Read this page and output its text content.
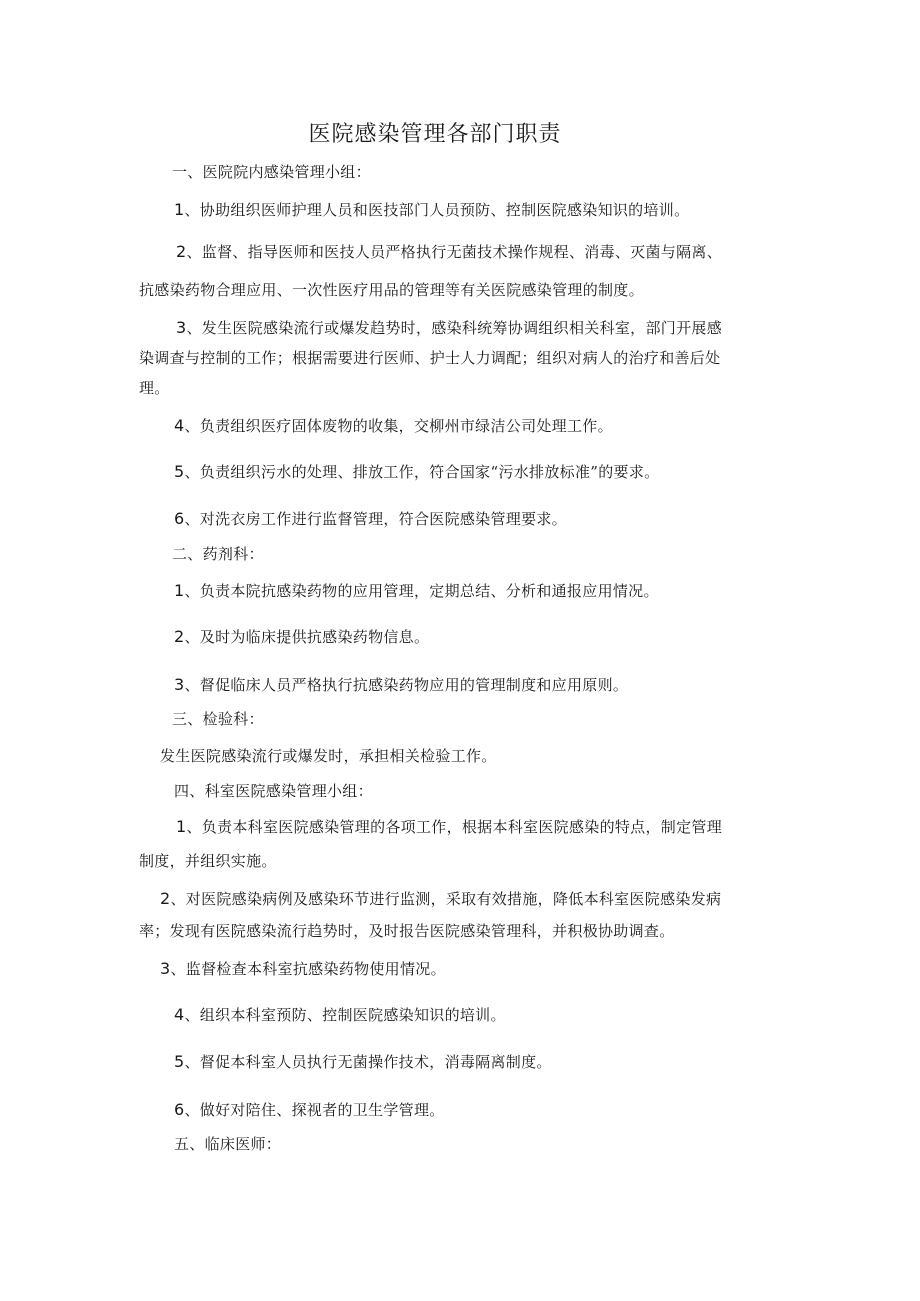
医院感染管理各部门职责
一、医院院内感染管理小组：
1、协助组织医师护理人员和医技部门人员预防、控制医院感染知识的培训。
2、监督、指导医师和医技人员严格执行无菌技术操作规程、消毒、灭菌与隔离、
抗感染药物合理应用、一次性医疗用品的管理等有关医院感染管理的制度。
3、发生医院感染流行或爆发趋势时，感染科统筹协调组织相关科室，部门开展感
染调查与控制的工作；根据需要进行医师、护士人力调配；组织对病人的治疗和善后处
理。
4、负责组织医疗固体废物的收集，交柳州市绿洁公司处理工作。
5、负责组织污水的处理、排放工作，符合国家“污水排放标准”的要求。
6、对洗衣房工作进行监督管理，符合医院感染管理要求。
二、药剂科：
1、负责本院抗感染药物的应用管理，定期总结、分析和通报应用情况。
2、及时为临床提供抗感染药物信息。
3、督促临床人员严格执行抗感染药物应用的管理制度和应用原则。
三、检验科：
发生医院感染流行或爆发时，承担相关检验工作。
四、科室医院感染管理小组：
1、负责本科室医院感染管理的各项工作，根据本科室医院感染的特点，制定管理
制度，并组织实施。
2、对医院感染病例及感染环节进行监测，采取有效措施，降低本科室医院感染发病
率；发现有医院感染流行趋势时，及时报告医院感染管理科，并积极协助调查。
3、监督检查本科室抗感染药物使用情况。
4、组织本科室预防、控制医院感染知识的培训。
5、督促本科室人员执行无菌操作技术，消毒隔离制度。
6、做好对陪住、探视者的卫生学管理。
五、临床医师：
